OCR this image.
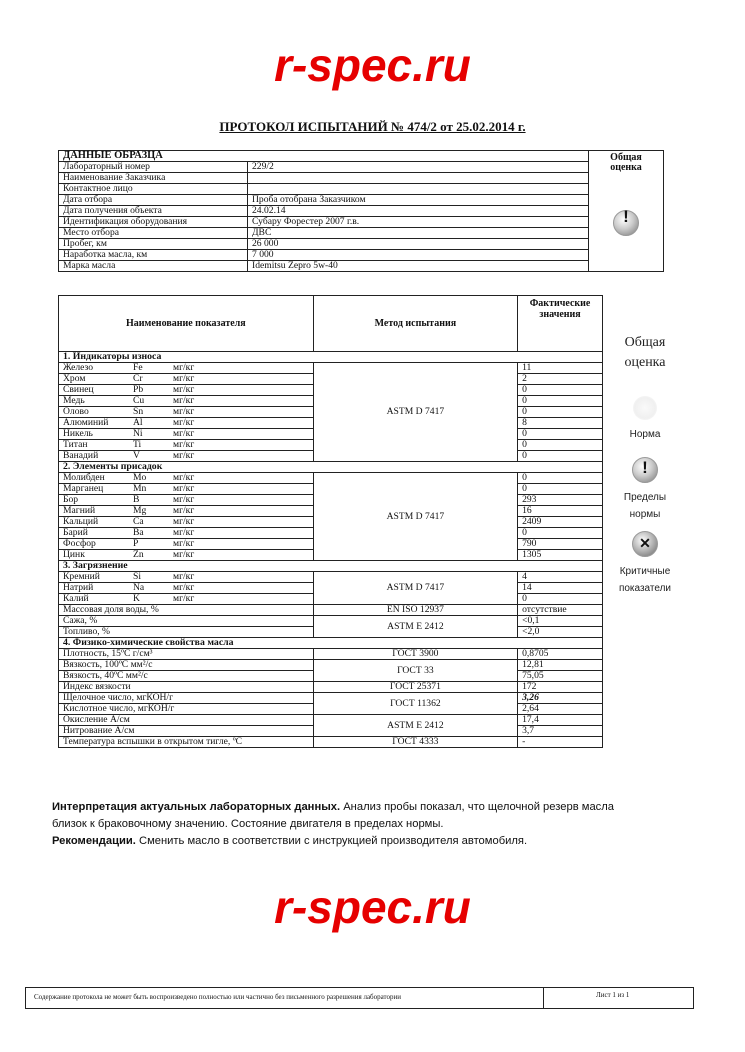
r-spec.ru
ПРОТОКОЛ ИСПЫТАНИЙ № 474/2 от 25.02.2014 г.
ДАННЫЕ ОБРАЗЦА		Общая
оценка
!

Лабораторный номер	229/2	
Наименование Заказчика		
Контактное лицо		
Дата отбора	Проба отобрана Заказчиком	
Дата получения объекта	24.02.14	
Идентификация оборудования	Субару Форестер 2007 г.в.	
Место отбора	ДВС	
Пробег, км	26 000	
Наработка масла, км	7 000	
Марка масла	Idemitsu Zepro 5w-40	
Наименование показателя	Метод испытания	Фактические
значения

1. Индикаторы износа		

Железо Fe мг/кг	ASTM D 7417	11

Хром Cr мг/кг		2

Свинец Pb мг/кг		0

Медь Cu мг/кг		0

Олово Sn мг/кг		0

Алюминий Al мг/кг		8

Никель Ni мг/кг		0

Титан Ti мг/кг		0

Ванадий V мг/кг		0
2. Элементы присадок		

Молибден Mo мг/кг	ASTM D 7417	0

Марганец Mn мг/кг		0

Бор B мг/кг		293

Магний Mg мг/кг		16

Кальций Ca мг/кг		2409

Барий Ba мг/кг		0

Фосфор P мг/кг		790

Цинк Zn мг/кг		1305
3. Загрязнение		

Кремний Si мг/кг	ASTM D 7417	4

Натрий Na мг/кг		14

Калий K мг/кг		0
Массовая доля воды, %	EN ISO 12937	отсутствие
Сажа, %	ASTM E 2412	<0,1
Топливо, %		<2,0
4. Физико-химические свойства масла		
Плотность, 15ºС г/см³	ГОСТ 3900	0,8705
Вязкость, 100ºС мм²/с	ГОСТ 33	12,81
Вязкость, 40ºС мм²/с		75,05
Индекс вязкости	ГОСТ 25371	172
Щелочное число, мгКОН/г	ГОСТ 11362	3,26
Кислотное число, мгКОН/г		2,64
Окисление А/см	ASTM E 2412	17,4
Нитрование А/см		3,7
Температура вспышки в открытом тигле, ºС	ГОСТ 4333	-
Общая
оценка
Норма
!
Пределы
нормы
✕
Критичные
показатели
Интерпретация актуальных лабораторных данных. Анализ пробы показал, что щелочной резерв масла
близок к браковочному значению. Состояние двигателя в пределах нормы.
Рекомендации. Сменить масло в соответствии с инструкцией производителя автомобиля.
r-spec.ru
Содержание протокола не может быть воспроизведено полностью или частично без письменного разрешения лаборатории	Лист 1 из 1
